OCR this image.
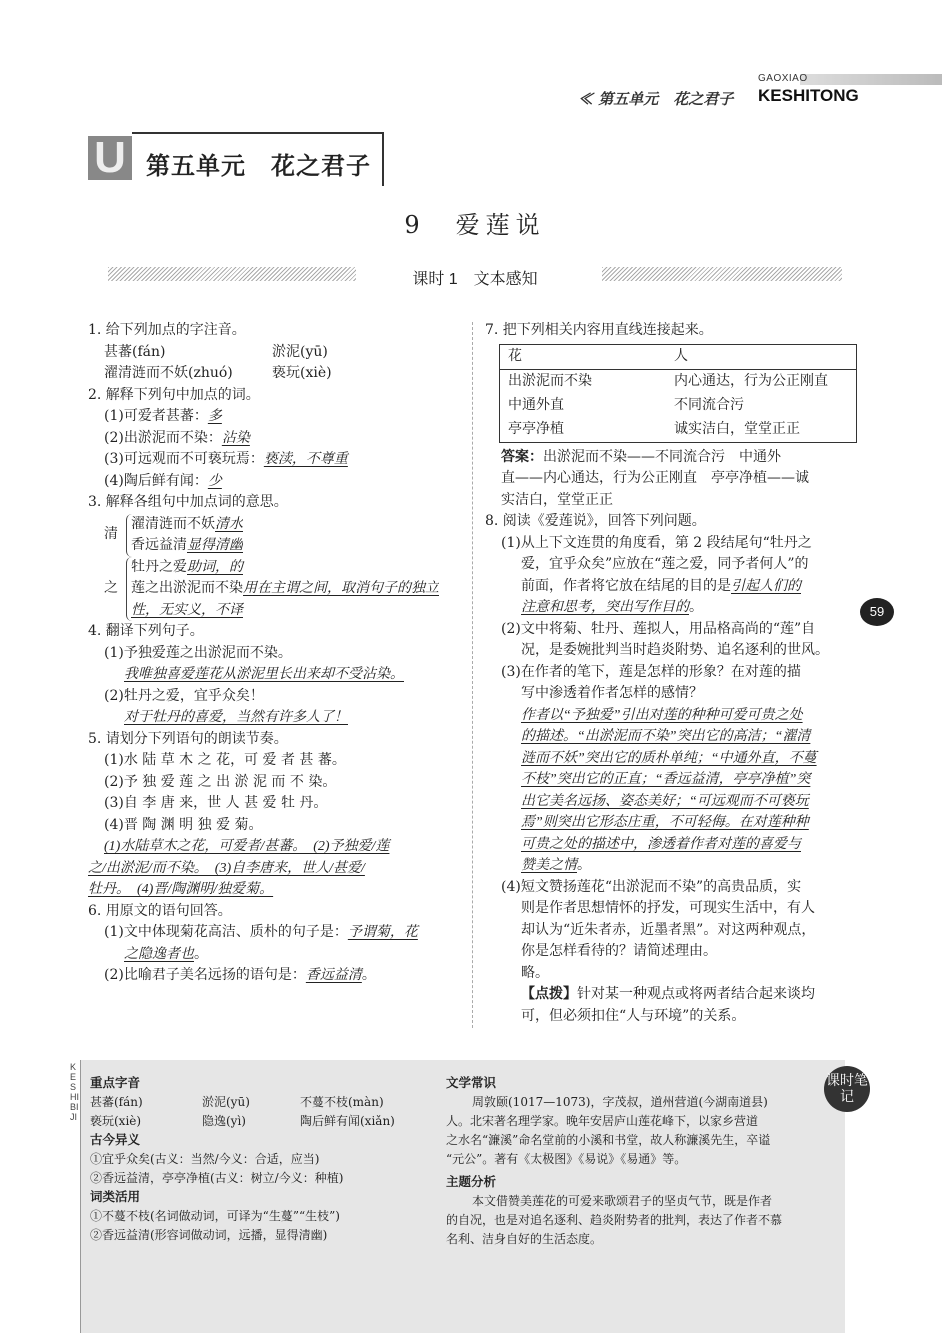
≪ 第五单元　花之君子
GAOXIAO
KESHITONG
U 第五单元　花之君子
9　爱莲说
课时 1　文本感知
1. 给下列加点的字注音。
甚蕃(fán)	淤泥(yū)
濯清涟而不妖(zhuó)	亵玩(xiè)
2. 解释下列句中加点的词。
(1)可爱者甚蕃：多
(2)出淤泥而不染：沾染
(3)可远观而不可亵玩焉：亵渎，不尊重
(4)陶后鲜有闻：少
3. 解释各组句中加点词的意思。
清
濯清涟而不妖清水
香远益清显得清幽
之
牡丹之爱助词，的
莲之出淤泥而不染用在主谓之间，取消句子的独立
性，无实义，不译
4. 翻译下列句子。
(1)予独爱莲之出淤泥而不染。
我唯独喜爱莲花从淤泥里长出来却不受沾染。
(2)牡丹之爱，宜乎众矣！
对于牡丹的喜爱，当然有许多人了！
5. 请划分下列语句的朗读节奏。
(1)水 陆 草 木 之 花，可 爱 者 甚 蕃。
(2)予 独 爱 莲 之 出 淤 泥 而 不 染。
(3)自 李 唐 来，世 人 甚 爱 牡 丹。
(4)晋 陶 渊 明 独 爱 菊。
(1)水陆草木之花，可爱者/甚蕃。　(2)予独爱/莲
之/出淤泥/而不染。　(3)自李唐来，世人/甚爱/
牡丹。　(4)晋/陶渊明/独爱菊。
6. 用原文的语句回答。
(1)文中体现菊花高洁、质朴的句子是：予谓菊，花
之隐逸者也。
(2)比喻君子美名远扬的语句是：香远益清。
7. 把下列相关内容用直线连接起来。
花	人
出淤泥而不染	内心通达，行为公正刚直
中通外直	不同流合污
亭亭净植	诚实洁白，堂堂正正
答案：出淤泥而不染——不同流合污　中通外
直——内心通达，行为公正刚直　亭亭净植——诚
实洁白，堂堂正正
8. 阅读《爱莲说》，回答下列问题。
(1)从上下文连贯的角度看，第 2 段结尾句“牡丹之
爱，宜乎众矣”应放在“莲之爱，同予者何人”的
前面，作者将它放在结尾的目的是引起人们的
注意和思考，突出写作目的。
(2)文中将菊、牡丹、莲拟人，用品格高尚的“莲”自
况，是委婉批判当时趋炎附势、追名逐利的世风。
(3)在作者的笔下，莲是怎样的形象？在对莲的描
写中渗透着作者怎样的感情？
作者以“予独爱”引出对莲的种种可爱可贵之处
的描述。“出淤泥而不染”突出它的高洁；“濯清
涟而不妖”突出它的质朴单纯；“中通外直，不蔓
不枝”突出它的正直；“香远益清，亭亭净植”突
出它美名远扬、姿态美好；“可远观而不可亵玩
焉”则突出它形态庄重，不可轻侮。在对莲种种
可贵之处的描述中，渗透着作者对莲的喜爱与
赞美之情。
(4)短文赞扬莲花“出淤泥而不染”的高贵品质，实
则是作者思想情怀的抒发，可现实生活中，有人
却认为“近朱者赤，近墨者黑”。对这两种观点，
你是怎样看待的？请简述理由。
略。
【点拨】针对某一种观点或将两者结合起来谈均
可，但必须扣住“人与环境”的关系。
59
KESHIBIJI
课时笔记
重点字音
甚蕃(fán)	淤泥(yū)	不蔓不枝(màn)
亵玩(xiè)	隐逸(yì)	陶后鲜有闻(xiǎn)
古今异义
①宜乎众矣(古义：当然/今义：合适，应当)
②香远益清，亭亭净植(古义：树立/今义：种植)
词类活用
①不蔓不枝(名词做动词，可译为“生蔓”“生枝”)
②香远益清(形容词做动词，远播，显得清幽)
文学常识
周敦颐(1017—1073)，字茂叔，道州营道(今湖南道县)
人。北宋著名理学家。晚年安居庐山莲花峰下，以家乡营道
之水名“濂溪”命名堂前的小溪和书堂，故人称濂溪先生，卒谥
“元公”。著有《太极图》《易说》《易通》等。
主题分析
本文借赞美莲花的可爱来歌颂君子的坚贞气节，既是作者
的自况，也是对追名逐利、趋炎附势者的批判，表达了作者不慕
名利、洁身自好的生活态度。
